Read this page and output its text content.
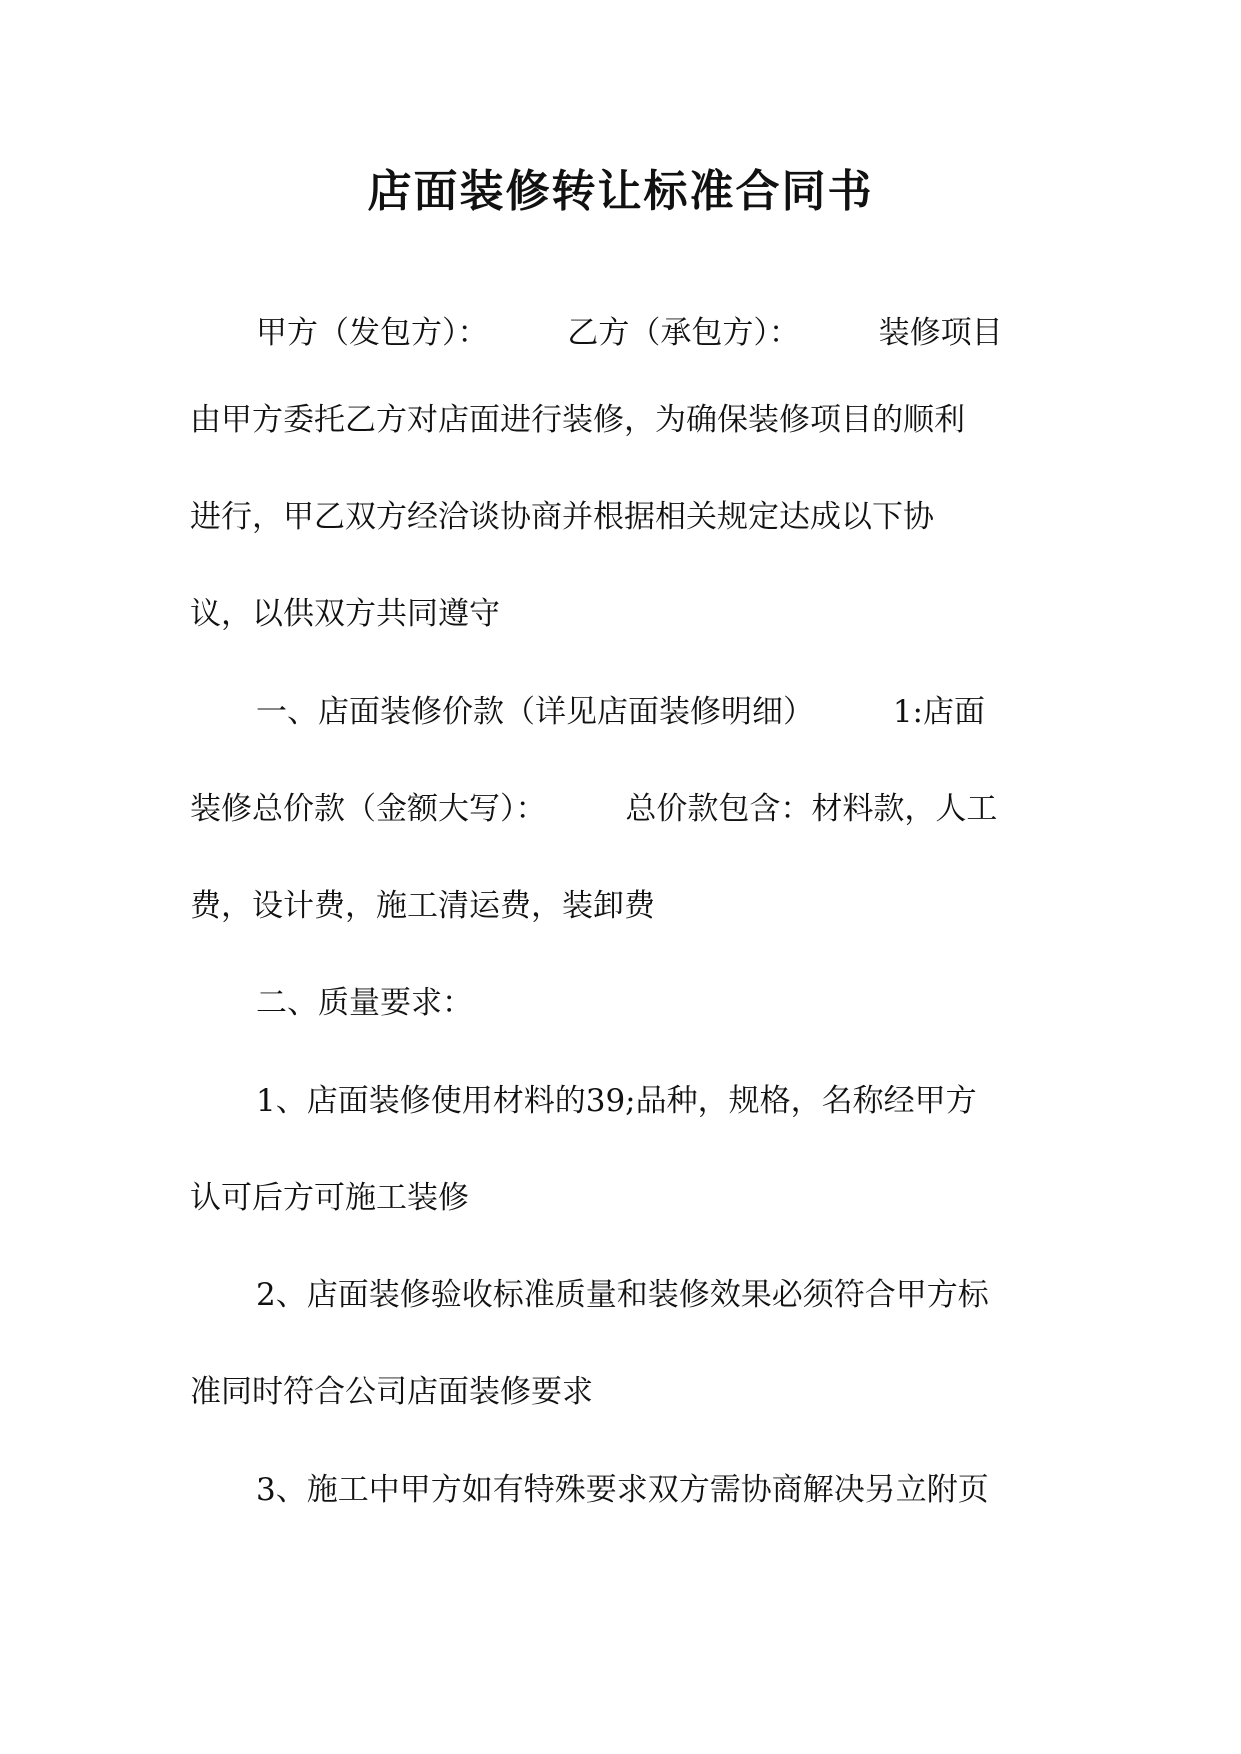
店面装修转让标准合同书
甲方（发包方）：        乙方（承包方）：        装修项目
由甲方委托乙方对店面进行装修，为确保装修项目的顺利
进行，甲乙双方经洽谈协商并根据相关规定达成以下协
议，以供双方共同遵守
一、店面装修价款（详见店面装修明细）        1:店面
装修总价款（金额大写）：        总价款包含：材料款，人工
费，设计费，施工清运费，装卸费
二、质量要求：
1、店面装修使用材料的39;品种，规格，名称经甲方
认可后方可施工装修
2、店面装修验收标准质量和装修效果必须符合甲方标
准同时符合公司店面装修要求
3、施工中甲方如有特殊要求双方需协商解决另立附页
